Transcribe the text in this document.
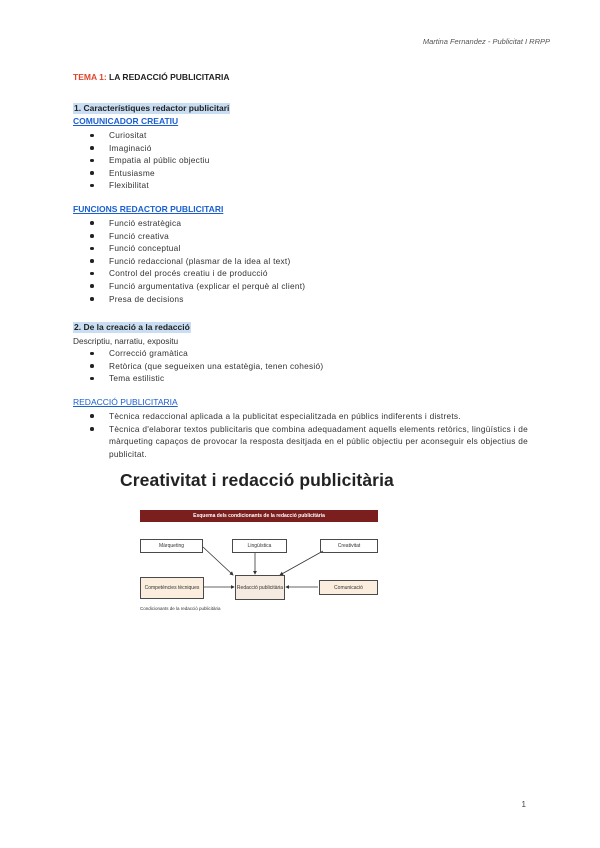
Martina Fernandez - Publicitat I RRPP
TEMA 1: LA REDACCIÓ PUBLICITARIA
1. Característiques redactor publicitari
COMUNICADOR CREATIU
Curiositat
Imaginació
Empatia al públic objectiu
Entusiasme
Flexibilitat
FUNCIONS REDACTOR PUBLICITARI
Funció estratègica
Funció creativa
Funció conceptual
Funció redaccional (plasmar de la idea al text)
Control del procés creatiu i de producció
Funció argumentativa (explicar el perquè al client)
Presa de decisions
2. De la creació a la redacció
Descriptiu, narratiu, expositu
Correcció gramàtica
Retòrica (que segueixen una estatègia, tenen cohesió)
Tema estilistic
REDACCIÓ PUBLICITARIA
Tècnica redaccional aplicada a la publicitat especialitzada en públics indiferents i distrets.
Tècnica d'elaborar textos publicitaris que combina adequadament aquells elements retòrics, lingüístics i de màrqueting capaços de provocar la resposta desitjada en el públic objectiu per aconseguir els objectius de publicitat.
Creativitat i redacció publicitària
Esquema dels condicionants de la redacció publicitària
Màrqueting	Lingüística	Creativitat
Competències tècniques	Redacció publicitària	Comunicació
Condicionants de la redacció publicitària
1
